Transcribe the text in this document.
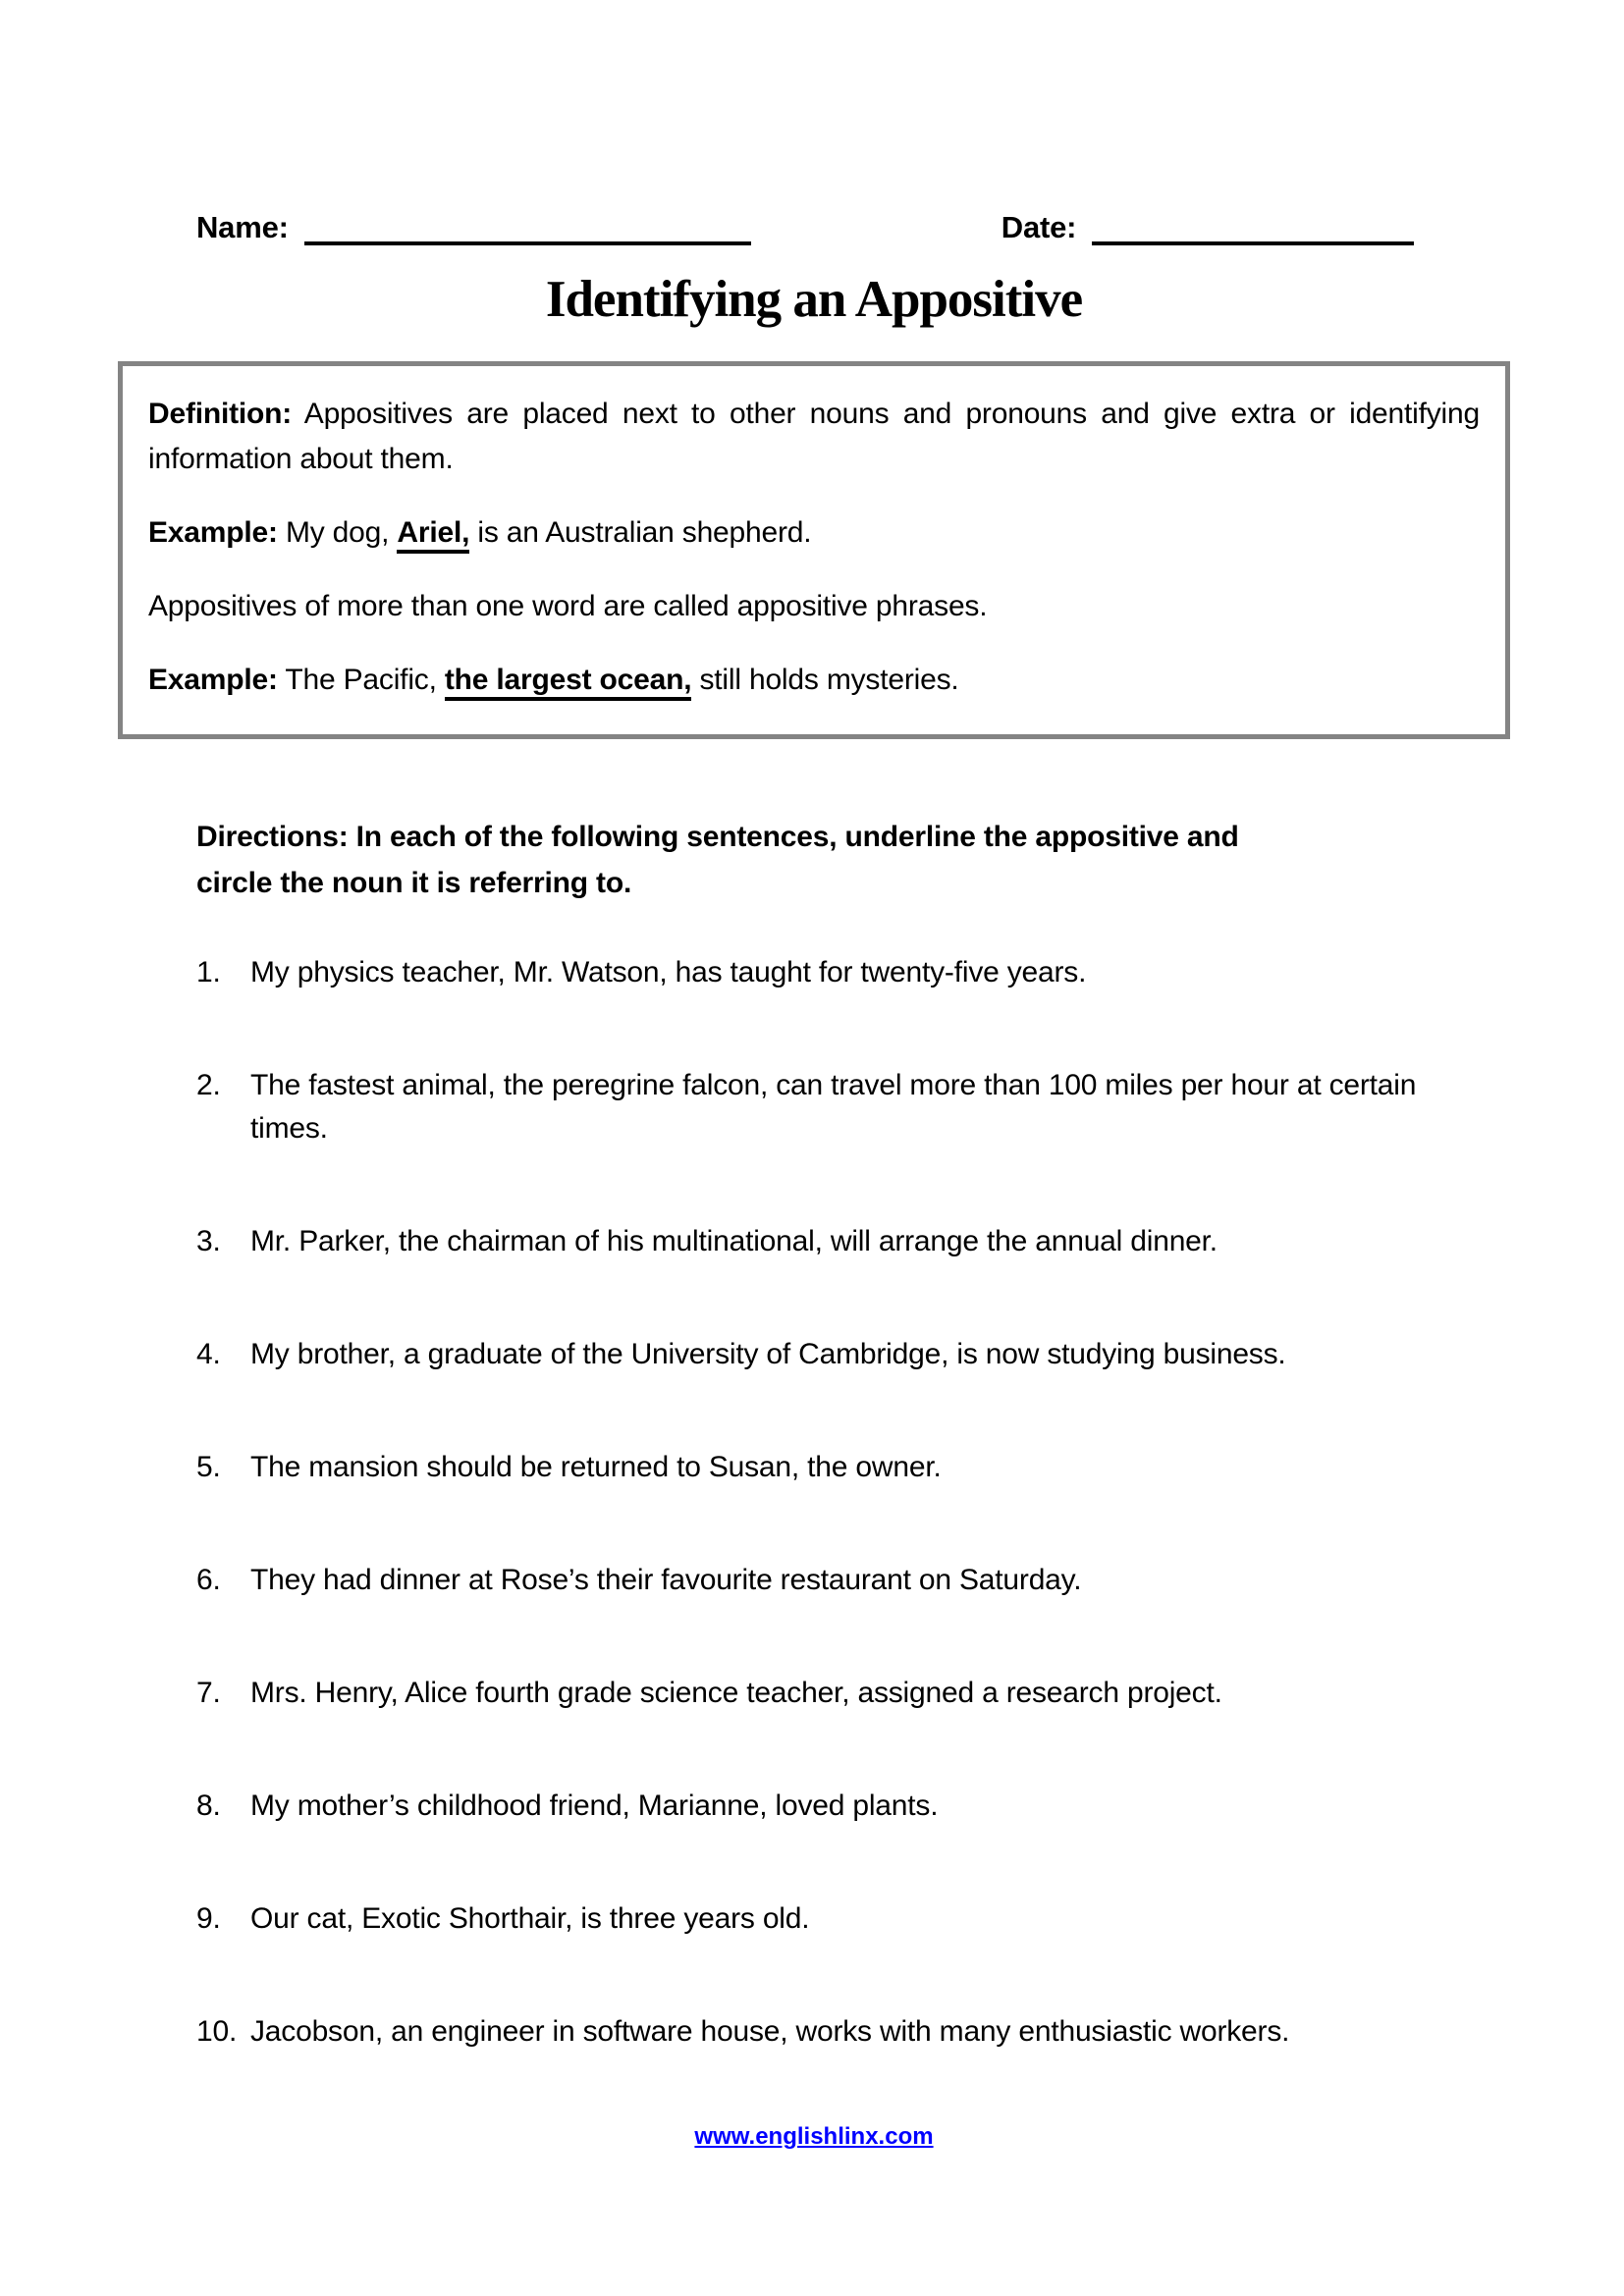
Name:	Date:
Identifying an Appositive

Definition: Appositives are placed next to other nouns and pronouns and give extra or identifying information about them.

Example: My dog, Ariel, is an Australian shepherd.

Appositives of more than one word are called appositive phrases.

Example: The Pacific, the largest ocean, still holds mysteries.

Directions: In each of the following sentences, underline the appositive and circle the noun it is referring to.

1.	My physics teacher, Mr. Watson, has taught for twenty-five years.
2.	The fastest animal, the peregrine falcon, can travel more than 100 miles per hour at certain times.
3.	Mr. Parker, the chairman of his multinational, will arrange the annual dinner.
4.	My brother, a graduate of the University of Cambridge, is now studying business.
5.	The mansion should be returned to Susan, the owner.
6.	They had dinner at Rose’s their favourite restaurant on Saturday.
7.	Mrs. Henry, Alice fourth grade science teacher, assigned a research project.
8.	My mother’s childhood friend, Marianne, loved plants.
9.	Our cat, Exotic Shorthair, is three years old.
10. Jacobson, an engineer in software house, works with many enthusiastic workers.
www.englishlinx.com
